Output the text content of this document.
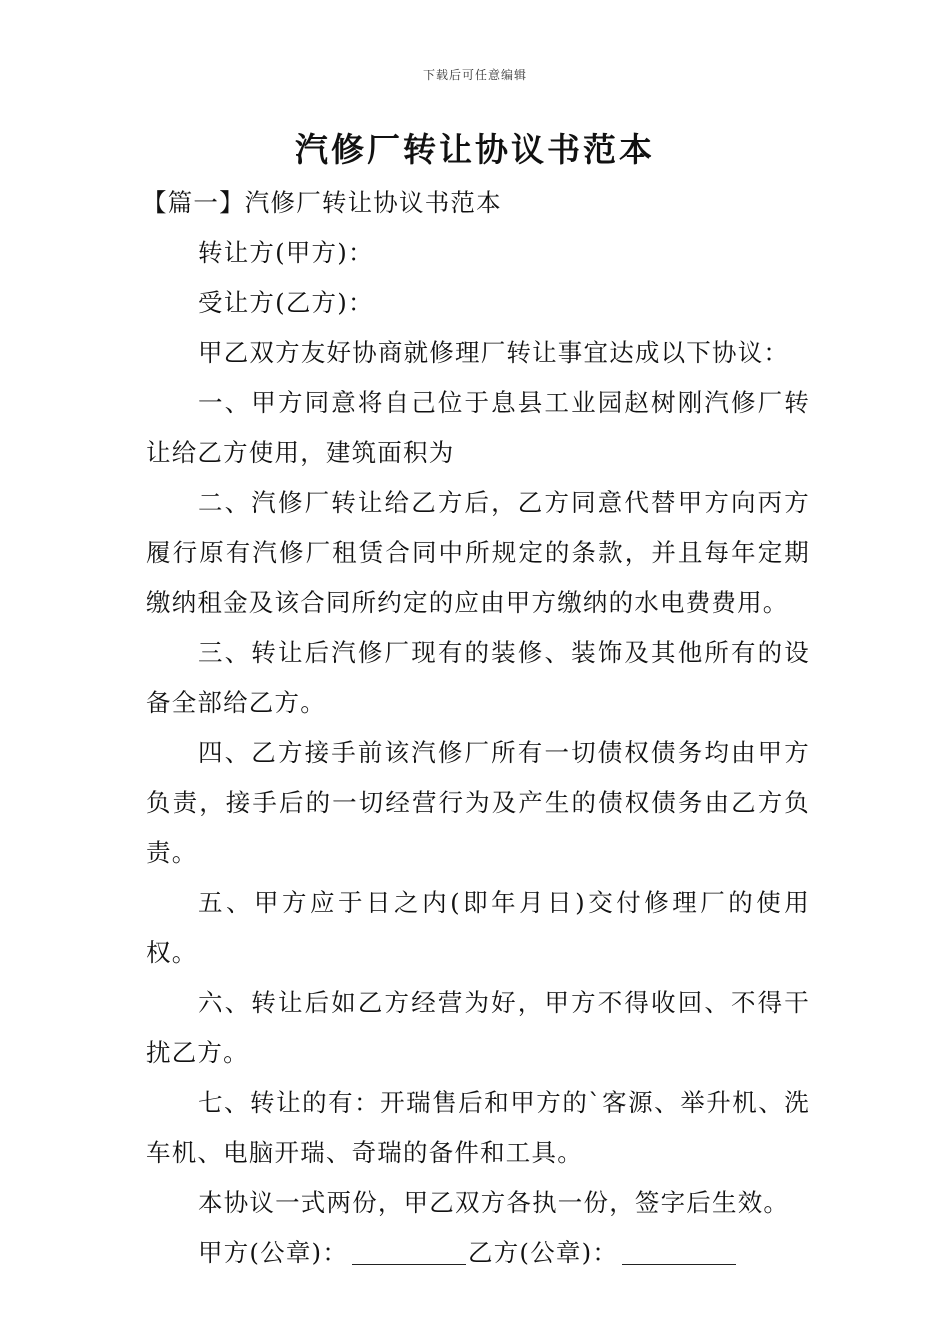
下载后可任意编辑
汽修厂转让协议书范本

【篇一】汽修厂转让协议书范本

转让方(甲方)：

受让方(乙方)：

甲乙双方友好协商就修理厂转让事宜达成以下协议：

一、甲方同意将自己位于息县工业园赵树刚汽修厂转让给乙方使用，建筑面积为

二、汽修厂转让给乙方后，乙方同意代替甲方向丙方履行原有汽修厂租赁合同中所规定的条款，并且每年定期缴纳租金及该合同所约定的应由甲方缴纳的水电费费用。

三、转让后汽修厂现有的装修、装饰及其他所有的设备全部给乙方。

四、乙方接手前该汽修厂所有一切债权债务均由甲方负责，接手后的一切经营行为及产生的债权债务由乙方负责。

五、甲方应于日之内(即年月日)交付修理厂的使用权。

六、转让后如乙方经营为好，甲方不得收回、不得干扰乙方。

七、转让的有：开瑞售后和甲方的`客源、举升机、洗车机、电脑开瑞、奇瑞的备件和工具。

本协议一式两份，甲乙双方各执一份，签字后生效。

甲方(公章)：	乙方(公章)：
